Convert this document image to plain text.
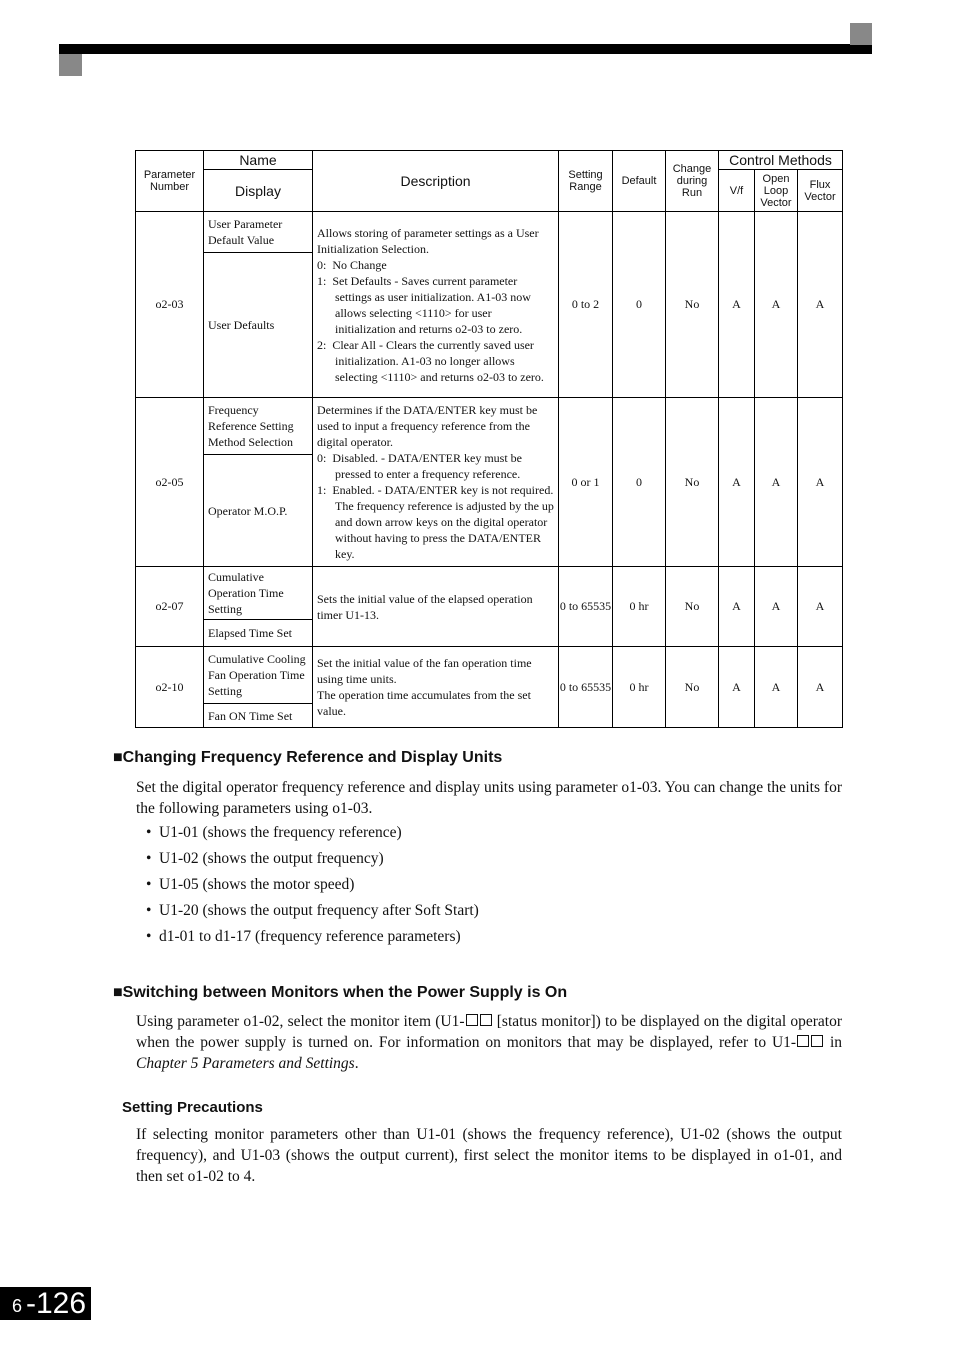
Parameter Number	Name	Description	Setting Range	Default	Change during Run	Control Methods		
	Display					V/f	Open Loop Vector	Flux Vector
o2-03	User Parameter Default Value	Allows storing of parameter settings as a User Initialization Selection.
0:  No Change
1:  Set Defaults - Saves current parameter settings as user initialization. A1-03 now allows selecting <1110> for user initialization and returns o2-03 to zero.
2:  Clear All - Clears the currently saved user initialization. A1-03 no longer allows selecting <1110> and returns o2-03 to zero.	0 to 2	0	No	A	A	A
	User Defaults							
o2-05	Frequency Reference Setting Method Selection	Determines if the DATA/ENTER key must be used to input a frequency reference from the digital operator.
0:  Disabled. - DATA/ENTER key must be pressed to enter a frequency reference.
1:  Enabled. - DATA/ENTER key is not required. The frequency reference is adjusted by the up and down arrow keys on the digital operator without having to press the DATA/ENTER key.	0 or 1	0	No	A	A	A
	Operator M.O.P.							
o2-07	Cumulative Operation Time Setting	Sets the initial value of the elapsed operation timer U1-13.	0 to 65535	0 hr	No	A	A	A
	Elapsed Time Set							
o2-10	Cumulative Cooling Fan Operation Time Setting	Set the initial value of the fan operation time using time units.
The operation time accumulates from the set value.	0 to 65535	0 hr	No	A	A	A
	Fan ON Time Set							
■Changing Frequency Reference and Display Units
Set the digital operator frequency reference and display units using parameter o1-03. You can change the units for the following parameters using o1-03.
• U1-01 (shows the frequency reference)
• U1-02 (shows the output frequency)
• U1-05 (shows the motor speed)
• U1-20 (shows the output frequency after Soft Start)
• d1-01 to d1-17 (frequency reference parameters)
■Switching between Monitors when the Power Supply is On
Using parameter o1-02, select the monitor item (U1- [status monitor]) to be displayed on the digital operator when the power supply is turned on. For information on monitors that may be displayed, refer to U1- in Chapter 5 Parameters and Settings.
Setting Precautions
If selecting monitor parameters other than U1-01 (shows the frequency reference), U1-02 (shows the output frequency), and U1-03 (shows the output current), first select the monitor items to be displayed in o1-01, and then set o1-02 to 4.
6 -126
